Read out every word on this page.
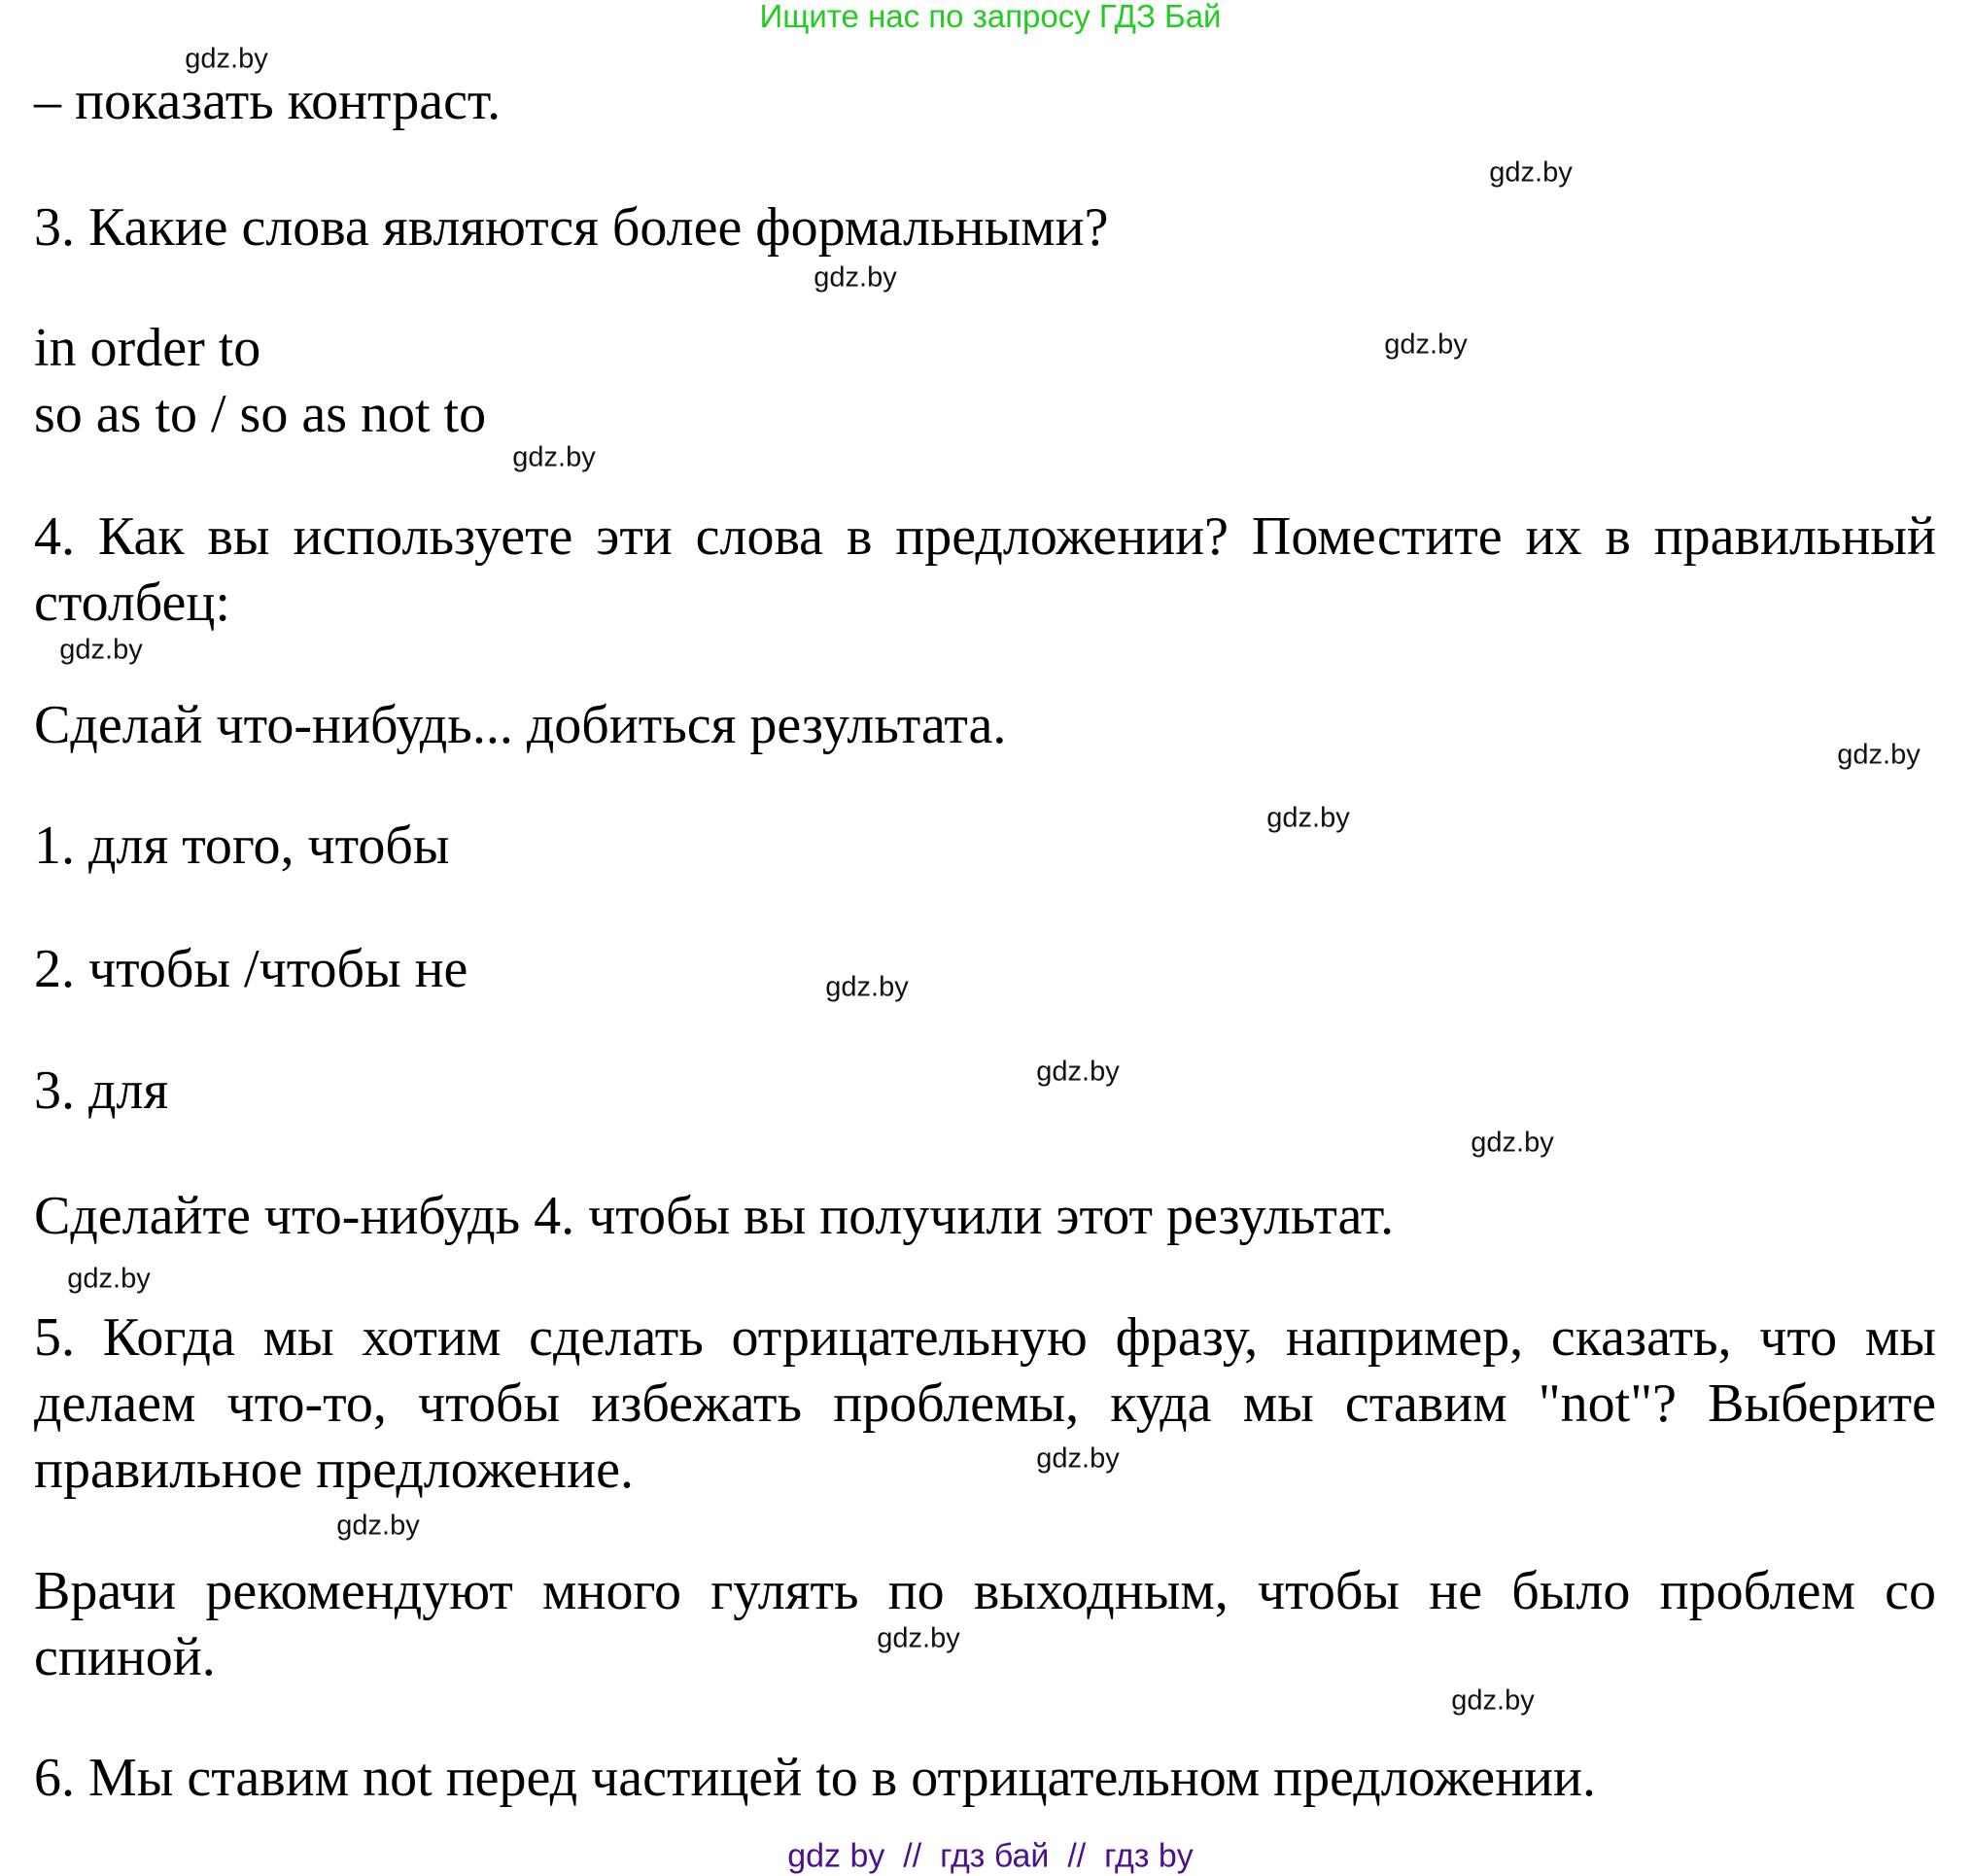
Ищите нас по запросу ГДЗ Бай
– показать контраст.
3. Какие слова являются более формальными?
in order to
so as to / so as not to
4. Как вы используете эти слова в предложении? Поместите их в правильный
столбец:
Сделай что-нибудь... добиться результата.
1. для того, чтобы
2. чтобы /чтобы не
3. для
Сделайте что-нибудь 4. чтобы вы получили этот результат.
5. Когда мы хотим сделать отрицательную фразу, например, сказать, что мы
делаем что-то, чтобы избежать проблемы, куда мы ставим "not"? Выберите
правильное предложение.
Врачи рекомендуют много гулять по выходным, чтобы не было проблем со
спиной.
6. Мы ставим not перед частицей to в отрицательном предложении.
gdz.by
gdz.by
gdz.by
gdz.by
gdz.by
gdz.by
gdz.by
gdz.by
gdz.by
gdz.by
gdz.by
gdz.by
gdz.by
gdz.by
gdz.by
gdz.by
gdz by  //  гдз бай  //  гдз by
